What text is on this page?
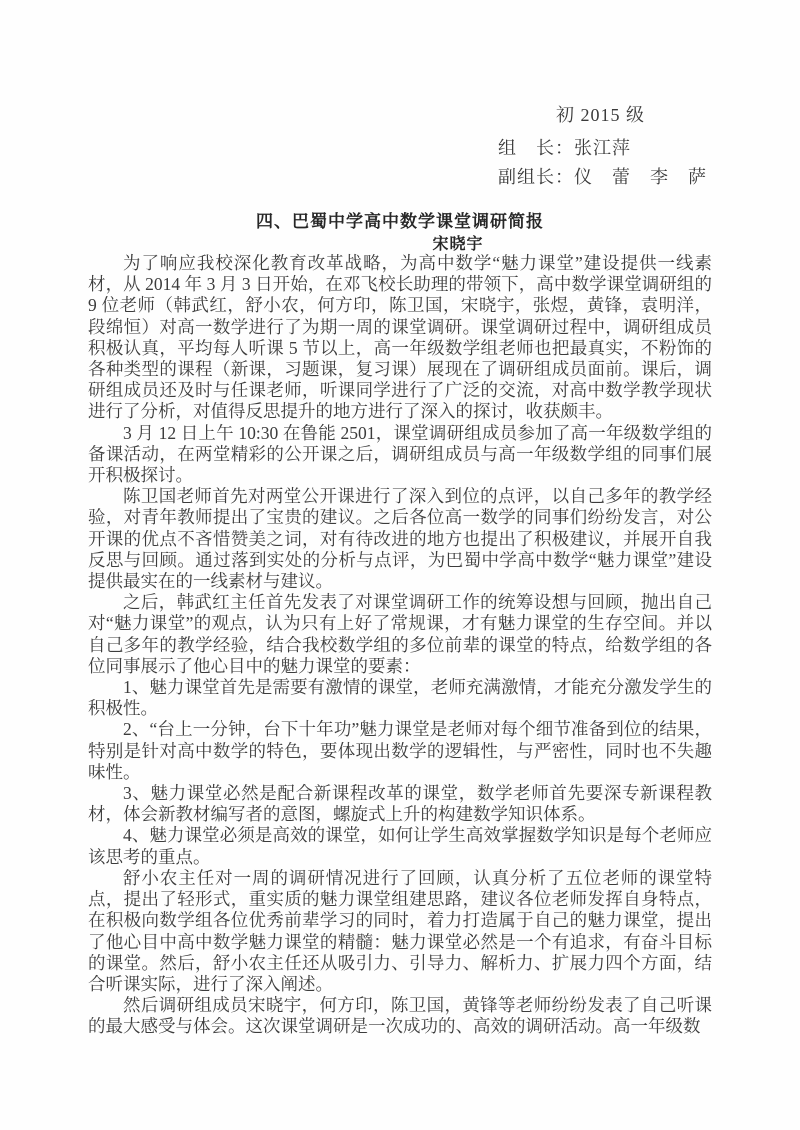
初 2015 级
组　长：张江萍
副组长：仪　蕾　李　萨
四、巴蜀中学高中数学课堂调研简报
宋晓宇

为了响应我校深化教育改革战略，为高中数学“魅力课堂”建设提供一线素材，从 2014 年 3 月 3 日开始，在邓飞校长助理的带领下，高中数学课堂调研组的 9 位老师（韩武红，舒小农，何方印，陈卫国，宋晓宇，张煜，黄锋，袁明洋，段绵恒）对高一数学进行了为期一周的课堂调研。课堂调研过程中，调研组成员积极认真，平均每人听课 5 节以上，高一年级数学组老师也把最真实，不粉饰的各种类型的课程（新课，习题课，复习课）展现在了调研组成员面前。课后，调研组成员还及时与任课老师，听课同学进行了广泛的交流，对高中数学教学现状进行了分析，对值得反思提升的地方进行了深入的探讨，收获颇丰。

3 月 12 日上午 10:30 在鲁能 2501，课堂调研组成员参加了高一年级数学组的备课活动，在两堂精彩的公开课之后，调研组成员与高一年级数学组的同事们展开积极探讨。

陈卫国老师首先对两堂公开课进行了深入到位的点评，以自己多年的教学经验，对青年教师提出了宝贵的建议。之后各位高一数学的同事们纷纷发言，对公开课的优点不吝惜赞美之词，对有待改进的地方也提出了积极建议，并展开自我反思与回顾。通过落到实处的分析与点评，为巴蜀中学高中数学“魅力课堂”建设提供最实在的一线素材与建议。

之后，韩武红主任首先发表了对课堂调研工作的统筹设想与回顾，抛出自己对“魅力课堂”的观点，认为只有上好了常规课，才有魅力课堂的生存空间。并以自己多年的教学经验，结合我校数学组的多位前辈的课堂的特点，给数学组的各位同事展示了他心目中的魅力课堂的要素：

1、魅力课堂首先是需要有激情的课堂，老师充满激情，才能充分激发学生的积极性。

2、“台上一分钟，台下十年功”魅力课堂是老师对每个细节准备到位的结果，特别是针对高中数学的特色，要体现出数学的逻辑性，与严密性，同时也不失趣味性。

3、魅力课堂必然是配合新课程改革的课堂，数学老师首先要深专新课程教材，体会新教材编写者的意图，螺旋式上升的构建数学知识体系。

4、魅力课堂必须是高效的课堂，如何让学生高效掌握数学知识是每个老师应该思考的重点。

舒小农主任对一周的调研情况进行了回顾，认真分析了五位老师的课堂特点，提出了轻形式，重实质的魅力课堂组建思路，建议各位老师发挥自身特点，在积极向数学组各位优秀前辈学习的同时，着力打造属于自己的魅力课堂，提出了他心目中高中数学魅力课堂的精髓：魅力课堂必然是一个有追求，有奋斗目标的课堂。然后，舒小农主任还从吸引力、引导力、解析力、扩展力四个方面，结合听课实际，进行了深入阐述。

然后调研组成员宋晓宇，何方印，陈卫国，黄锋等老师纷纷发表了自己听课的最大感受与体会。这次课堂调研是一次成功的、高效的调研活动。高一年级数
